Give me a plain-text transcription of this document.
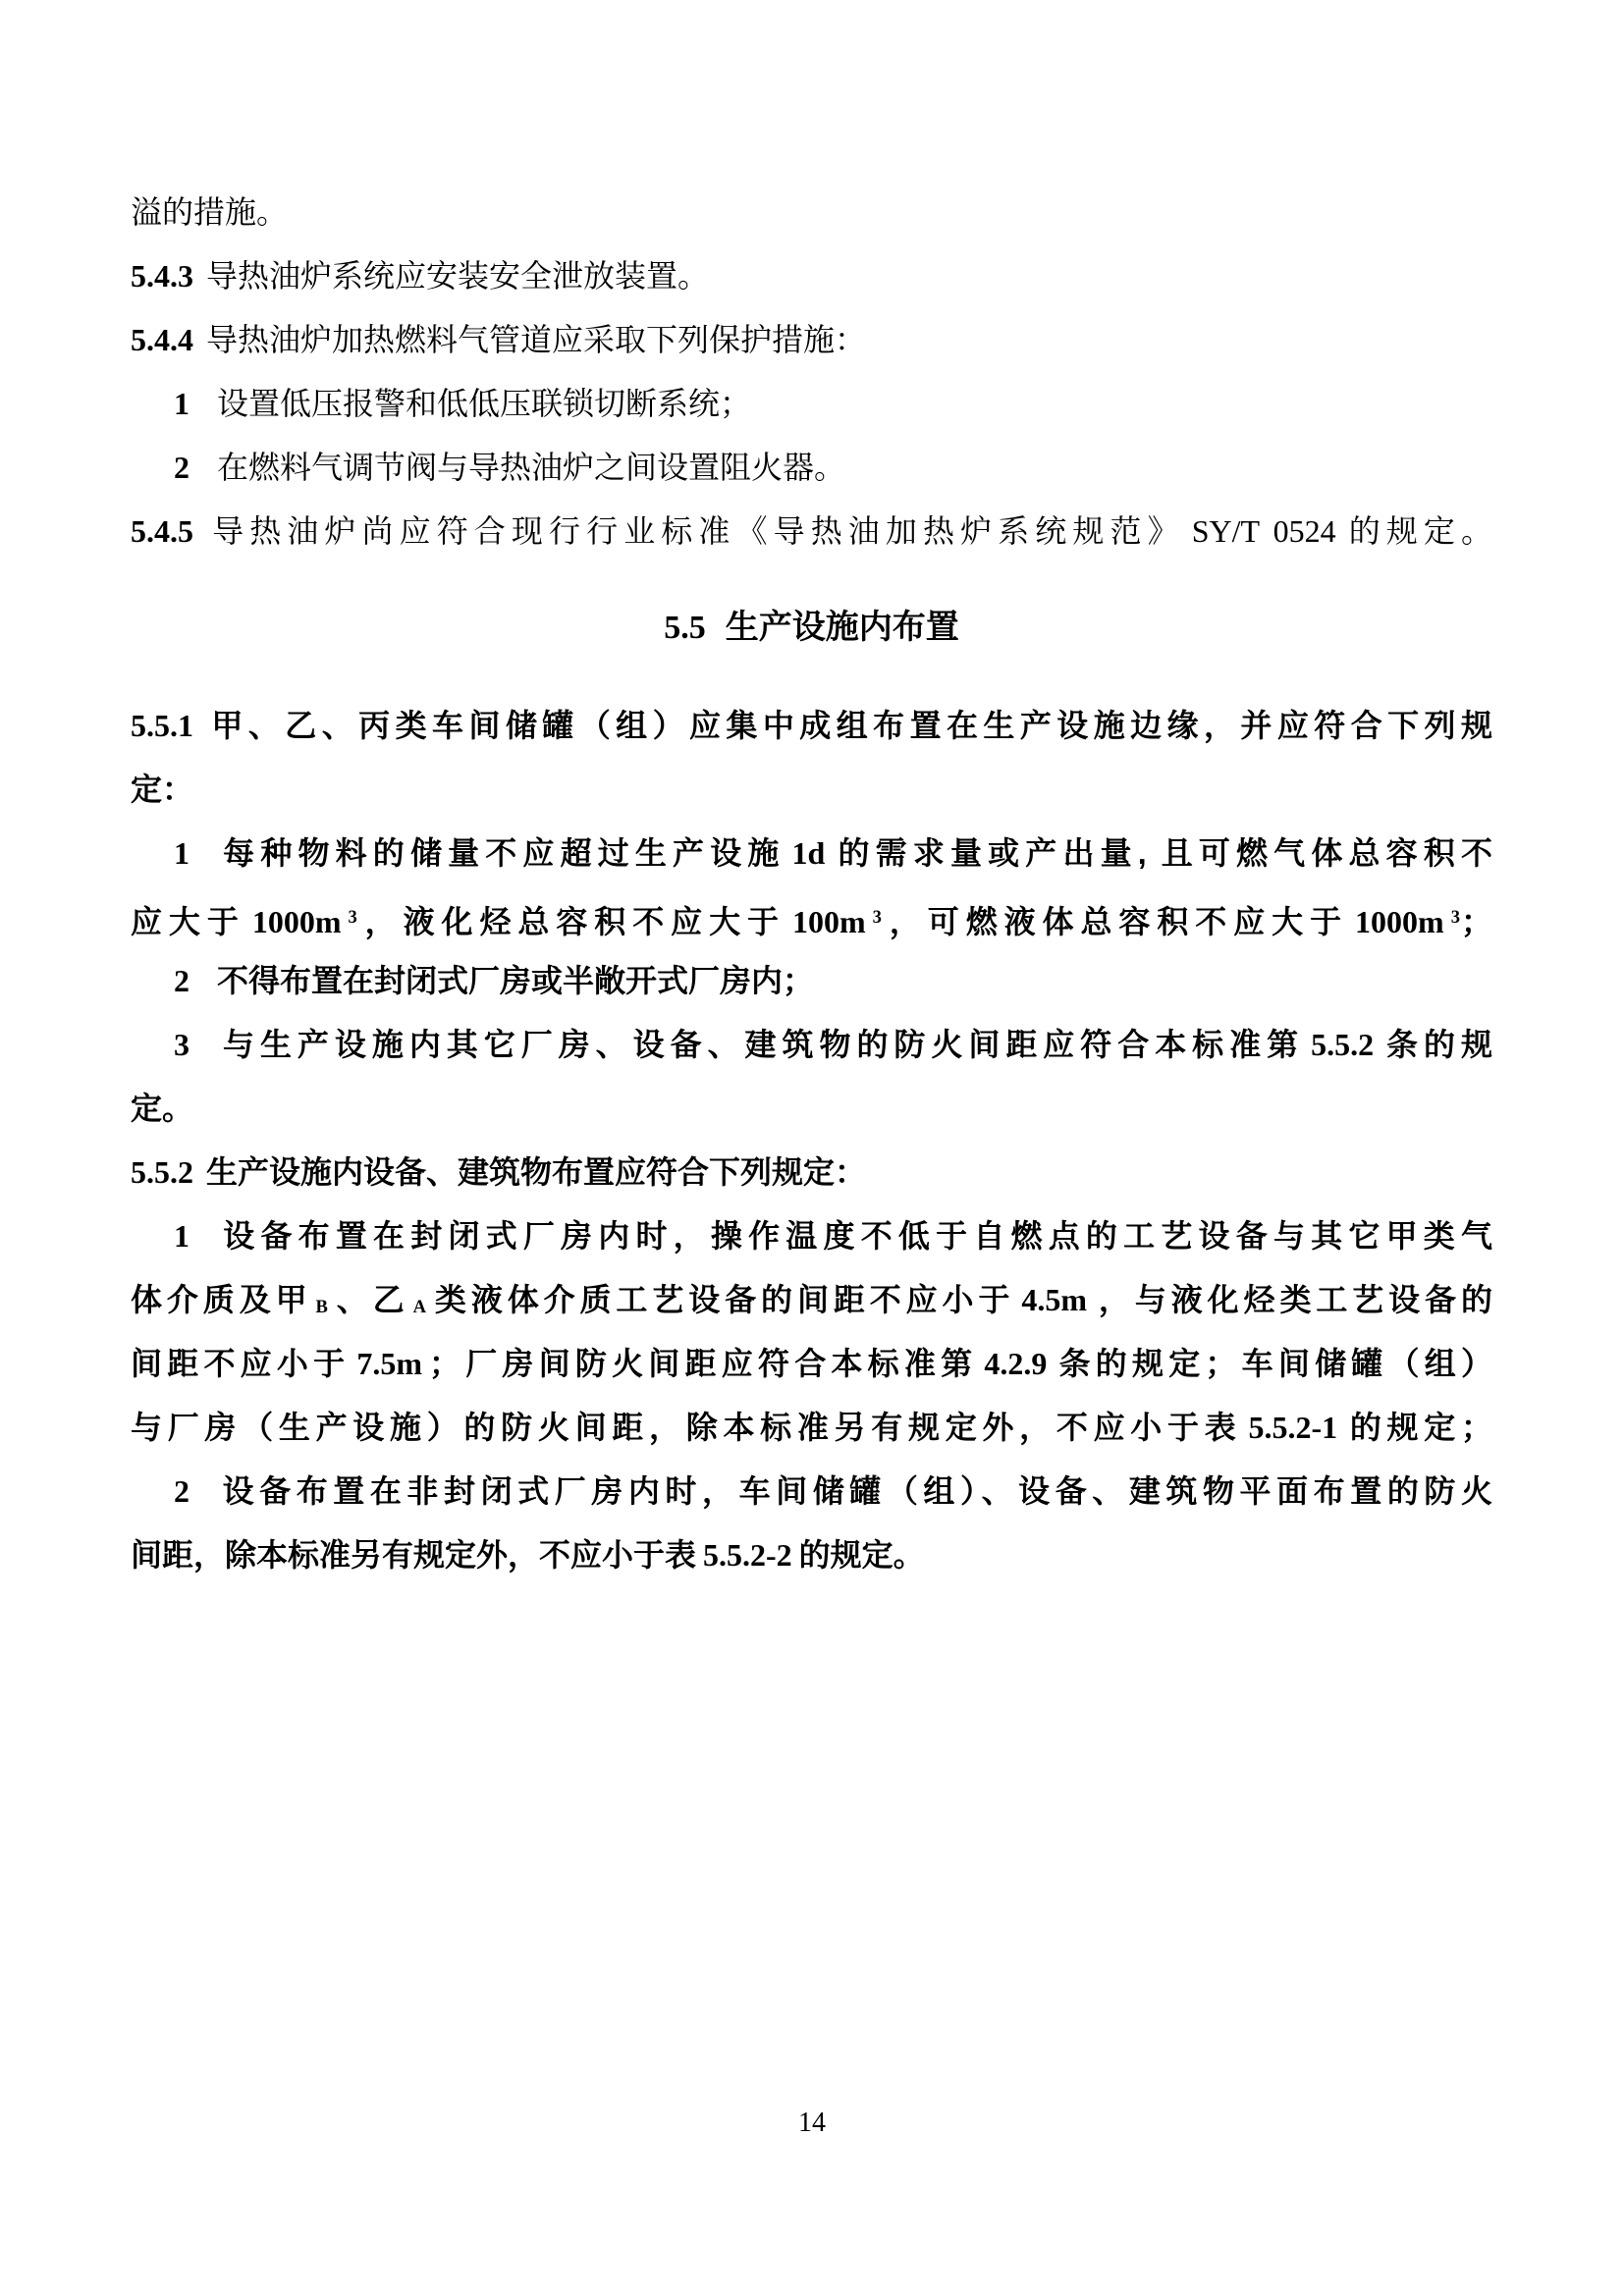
溢的措施。
5.4.3 导热油炉系统应安装安全泄放装置。
5.4.4 导热油炉加热燃料气管道应采取下列保护措施：
1 设置低压报警和低低压联锁切断系统；
2 在燃料气调节阀与导热油炉之间设置阻火器。
5.4.5 导热油炉尚应符合现行行业标准《导热油加热炉系统规范》 SY/T 0524 的规定。
5.5 生产设施内布置
5.5.1 甲、乙、丙类车间储罐（组）应集中成组布置在生产设施边缘，并应符合下列规
定：
1 每种物料的储量不应超过生产设施 1d 的需求量或产出量, 且可燃气体总容积不
应大于 1000m $^3$，液化烃总容积不应大于 100m $^3$，可燃液体总容积不应大于 1000m $^3$；
2 不得布置在封闭式厂房或半敞开式厂房内；
3 与生产设施内其它厂房、设备、建筑物的防火间距应符合本标准第 5.5.2 条的规
定。
5.5.2 生产设施内设备、建筑物布置应符合下列规定：
1 设备布置在封闭式厂房内时，操作温度不低于自燃点的工艺设备与其它甲类气
体介质及甲 B 、乙 A 类液体介质工艺设备的间距不应小于 4.5m ，与液化烃类工艺设备的
间距不应小于 7.5m ；厂房间防火间距应符合本标准第 4.2.9 条的规定；车间储罐（组）
与厂房（生产设施）的防火间距，除本标准另有规定外，不应小于表 5.5.2-1 的规定；
2 设备布置在非封闭式厂房内时，车间储罐（组）、设备、建筑物平面布置的防火
间距，除本标准另有规定外，不应小于表 5.5.2-2 的规定。
14
